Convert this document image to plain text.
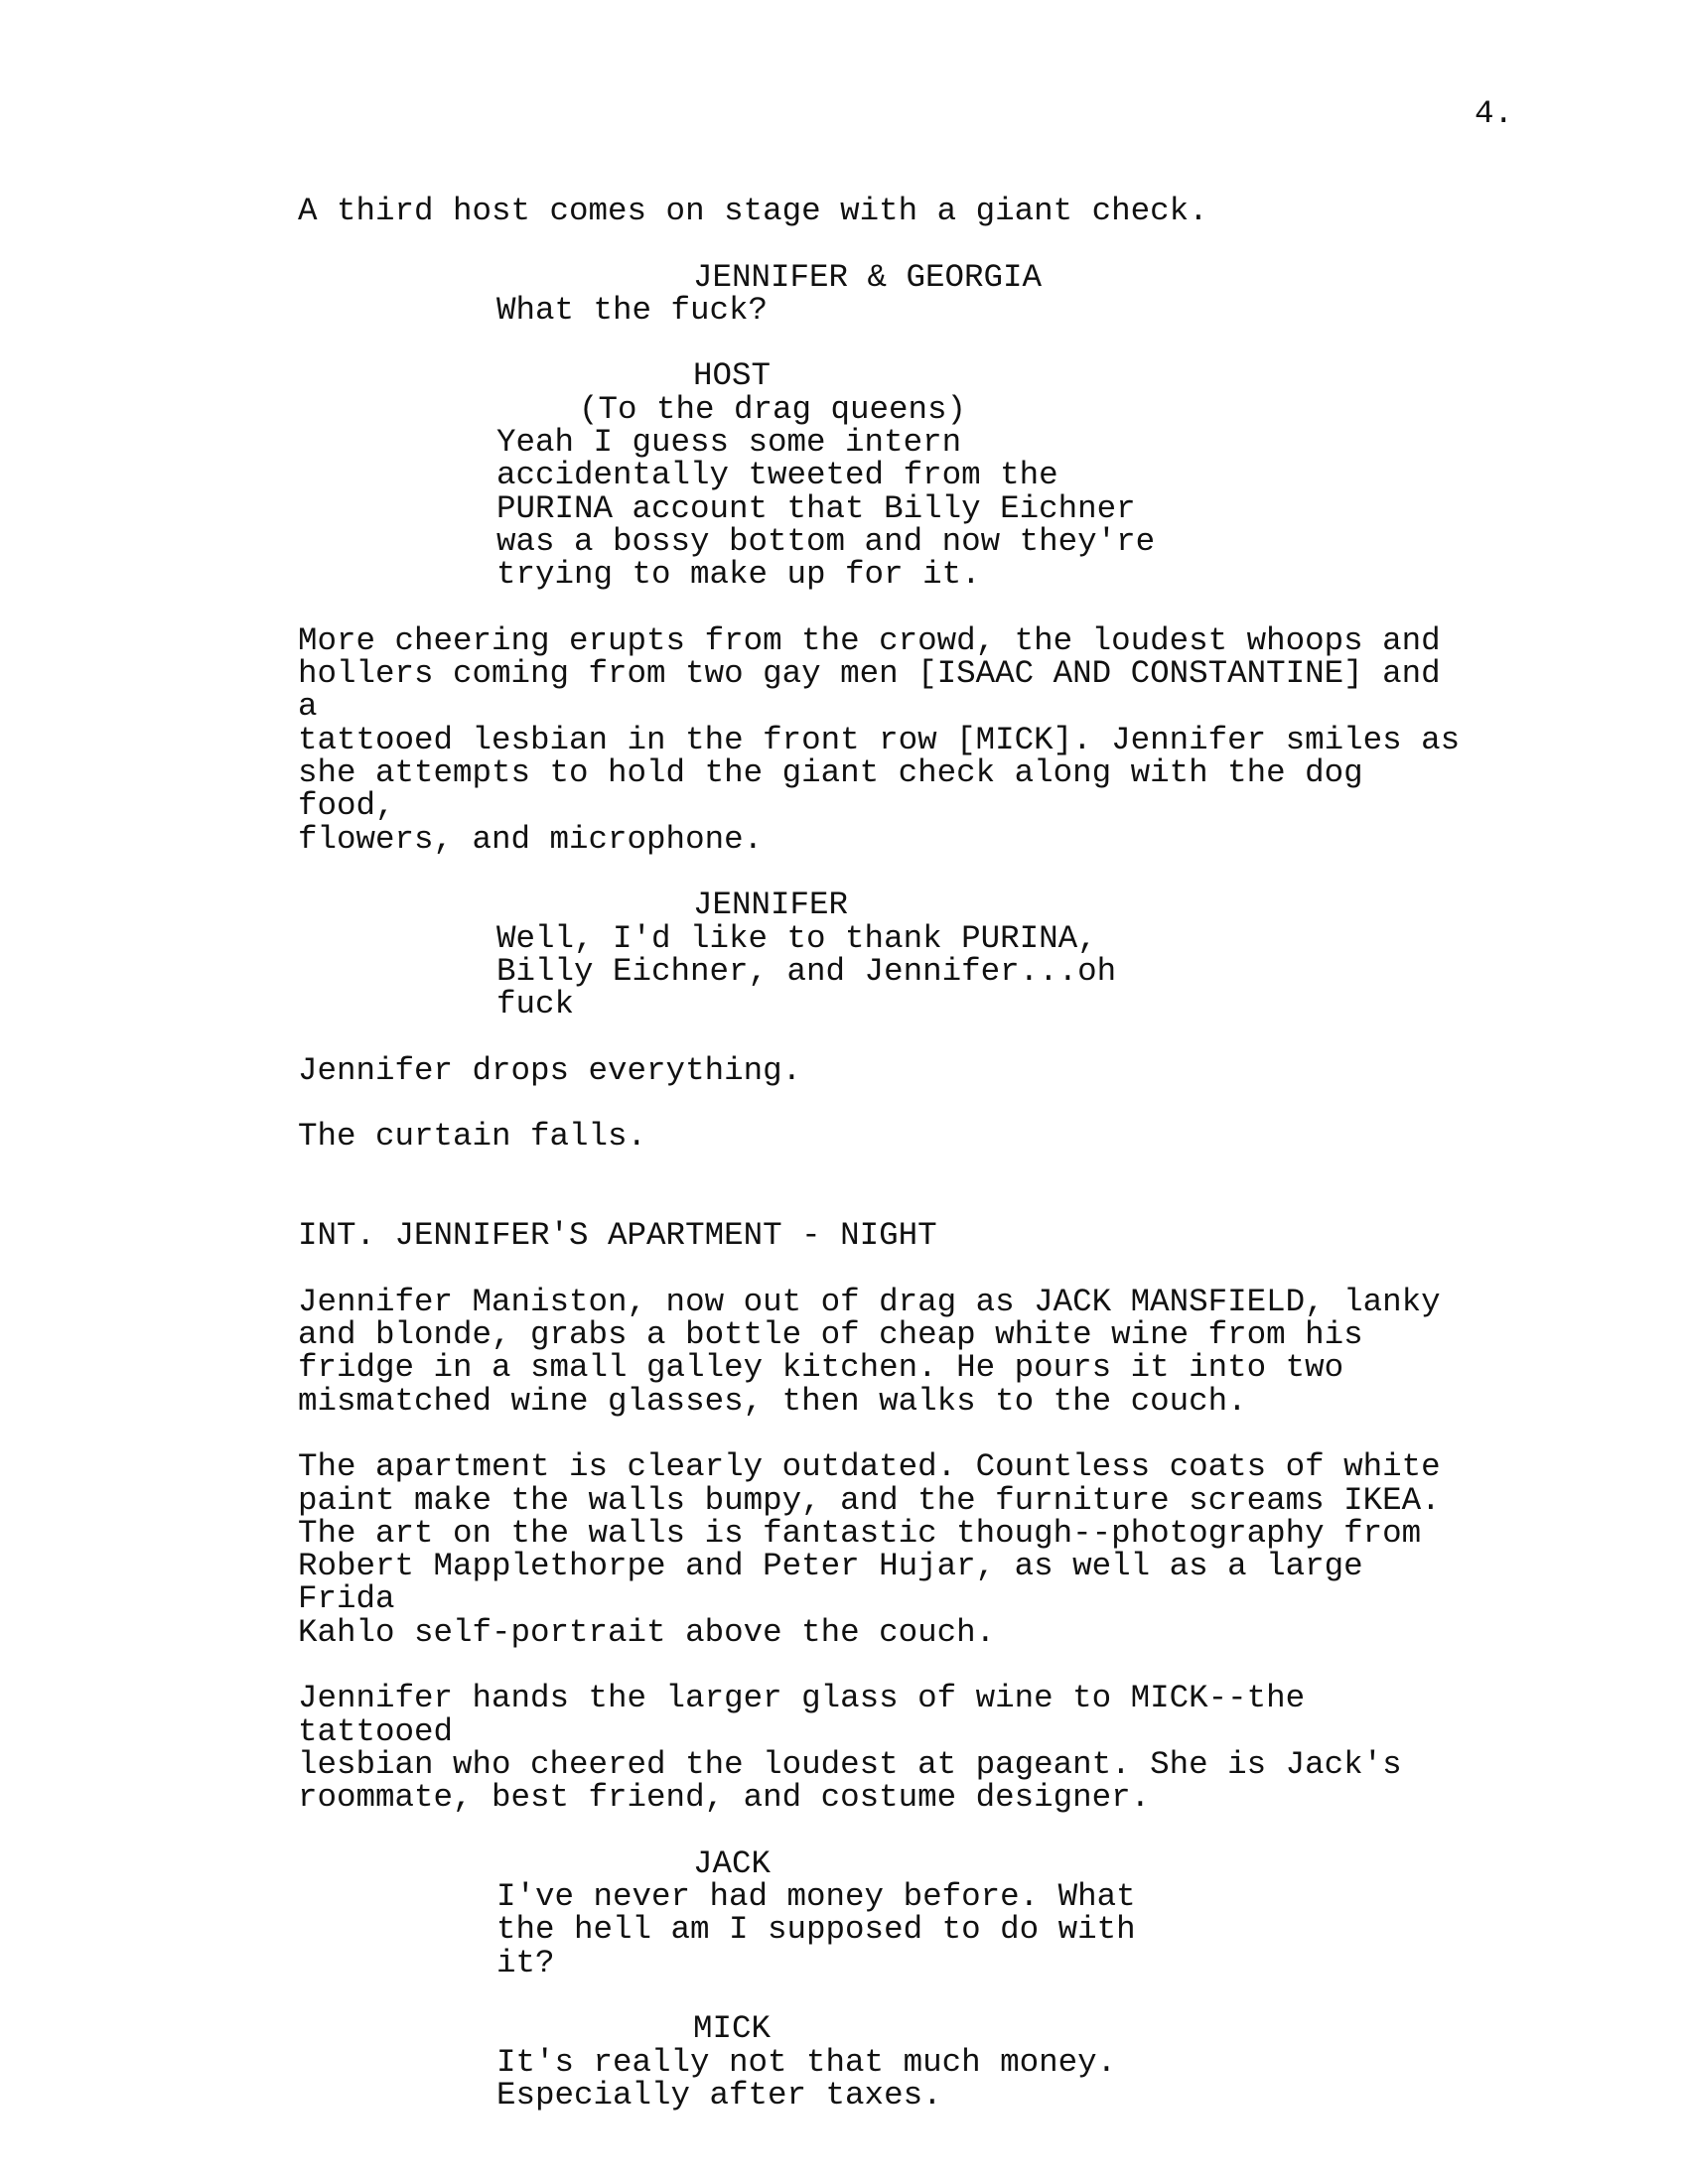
4.

A third host comes on stage with a giant check.

JENNIFER & GEORGIA
What the fuck?
HOST
(To the drag queens)
Yeah I guess some intern
accidentally tweeted from the
PURINA account that Billy Eichner
was a bossy bottom and now they're
trying to make up for it.

More cheering erupts from the crowd, the loudest whoops and
hollers coming from two gay men [ISAAC AND CONSTANTINE] and a
tattooed lesbian in the front row [MICK]. Jennifer smiles as
she attempts to hold the giant check along with the dog food,
flowers, and microphone.

JENNIFER
Well, I'd like to thank PURINA,
Billy Eichner, and Jennifer...oh
fuck

Jennifer drops everything.

The curtain falls.

INT. JENNIFER'S APARTMENT - NIGHT

Jennifer Maniston, now out of drag as JACK MANSFIELD, lanky
and blonde, grabs a bottle of cheap white wine from his
fridge in a small galley kitchen. He pours it into two
mismatched wine glasses, then walks to the couch.

The apartment is clearly outdated. Countless coats of white
paint make the walls bumpy, and the furniture screams IKEA.
The art on the walls is fantastic though--photography from
Robert Mapplethorpe and Peter Hujar, as well as a large Frida
Kahlo self-portrait above the couch.

Jennifer hands the larger glass of wine to MICK--the tattooed
lesbian who cheered the loudest at pageant. She is Jack's
roommate, best friend, and costume designer.

JACK
I've never had money before. What
the hell am I supposed to do with
it?
MICK
It's really not that much money.
Especially after taxes.
